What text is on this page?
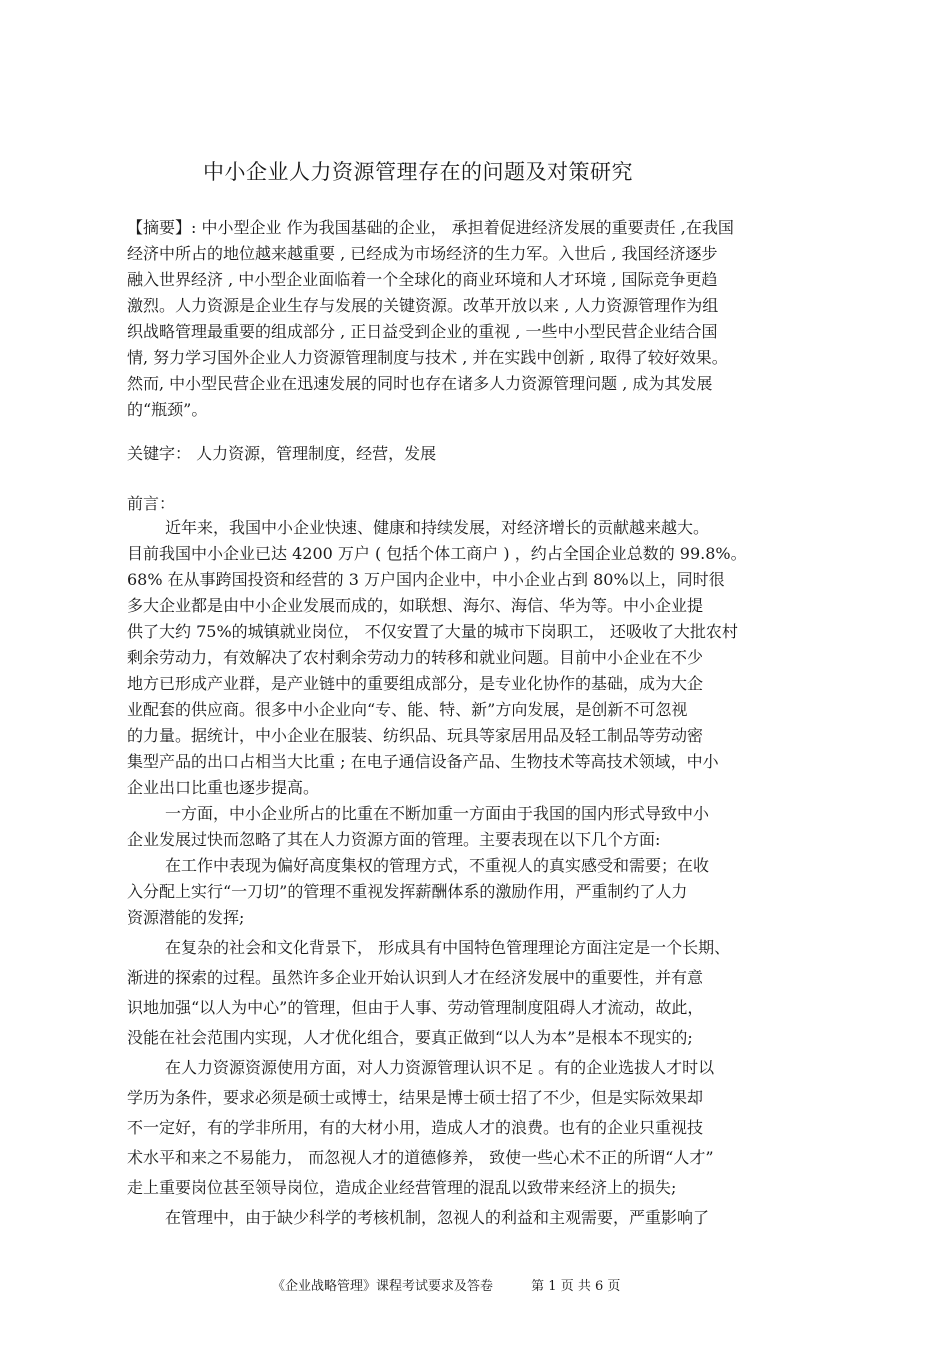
中小企业人力资源管理存在的问题及对策研究
【摘要】: 中小型企业 作为我国基础的企业， 承担着促进经济发展的重要责任 ,在我国
经济中所占的地位越来越重要 , 已经成为市场经济的生力军。入世后 , 我国经济逐步
融入世界经济 , 中小型企业面临着一个全球化的商业环境和人才环境 , 国际竞争更趋
激烈。人力资源是企业生存与发展的关键资源。改革开放以来 , 人力资源管理作为组
织战略管理最重要的组成部分 , 正日益受到企业的重视 , 一些中小型民营企业结合国
情, 努力学习国外企业人力资源管理制度与技术 , 并在实践中创新 , 取得了较好效果。
然而, 中小型民营企业在迅速发展的同时也存在诸多人力资源管理问题 , 成为其发展
的“瓶颈”。
关键字： 人力资源，管理制度，经营，发展
前言：
近年来，我国中小企业快速、健康和持续发展，对经济增长的贡献越来越大。
目前我国中小企业已达 4200 万户 ( 包括个体工商户 ) ，约占全国企业总数的 99.8%。
68% 在从事跨国投资和经营的 3 万户国内企业中，中小企业占到 80%以上，同时很
多大企业都是由中小企业发展而成的，如联想、海尔、海信、华为等。中小企业提
供了大约 75%的城镇就业岗位， 不仅安置了大量的城市下岗职工， 还吸收了大批农村
剩余劳动力，有效解决了农村剩余劳动力的转移和就业问题。目前中小企业在不少
地方已形成产业群，是产业链中的重要组成部分，是专业化协作的基础，成为大企
业配套的供应商。很多中小企业向“专、能、特、新”方向发展，是创新不可忽视
的力量。据统计，中小企业在服装、纺织品、玩具等家居用品及轻工制品等劳动密
集型产品的出口占相当大比重 ; 在电子通信设备产品、生物技术等高技术领域，中小
企业出口比重也逐步提高。
一方面，中小企业所占的比重在不断加重一方面由于我国的国内形式导致中小
企业发展过快而忽略了其在人力资源方面的管理。主要表现在以下几个方面:
在工作中表现为偏好高度集权的管理方式，不重视人的真实感受和需要；在收
入分配上实行“一刀切”的管理不重视发挥薪酬体系的激励作用，严重制约了人力
资源潜能的发挥;
在复杂的社会和文化背景下， 形成具有中国特色管理理论方面注定是一个长期、
渐进的探索的过程。虽然许多企业开始认识到人才在经济发展中的重要性，并有意
识地加强“以人为中心”的管理，但由于人事、劳动管理制度阻碍人才流动，故此，
没能在社会范围内实现，人才优化组合，要真正做到“以人为本”是根本不现实的;
在人力资源资源使用方面，对人力资源管理认识不足 。有的企业选拔人才时以
学历为条件，要求必须是硕士或博士，结果是博士硕士招了不少，但是实际效果却
不一定好，有的学非所用，有的大材小用，造成人才的浪费。也有的企业只重视技
术水平和来之不易能力， 而忽视人才的道德修养， 致使一些心术不正的所谓“人才”
走上重要岗位甚至领导岗位，造成企业经营管理的混乱以致带来经济上的损失;
在管理中，由于缺少科学的考核机制，忽视人的利益和主观需要，严重影响了
《企业战略管理》课程考试要求及答卷	第 1 页 共 6 页
